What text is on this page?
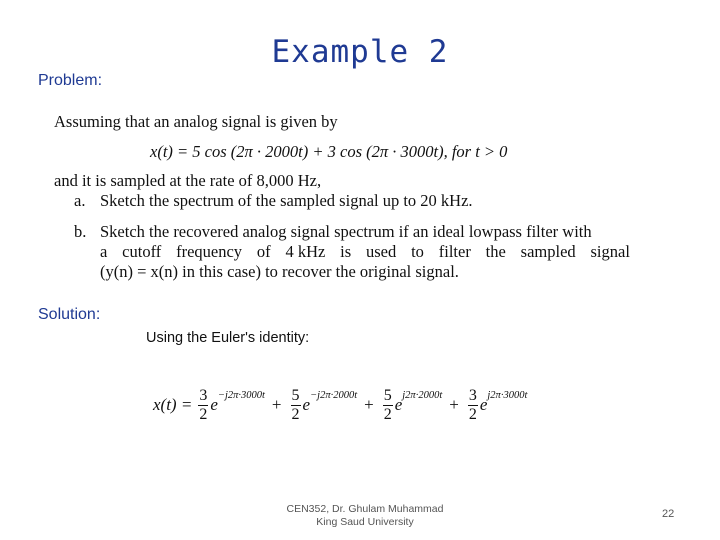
Example 2
Problem:
Assuming that an analog signal is given by
x(t) = 5 cos (2π · 2000t) + 3 cos (2π · 3000t), for t > 0
and it is sampled at the rate of 8,000 Hz,
a. Sketch the spectrum of the sampled signal up to 20 kHz.
b. Sketch the recovered analog signal spectrum if an ideal lowpass filter with
a cutoff frequency of 4 kHz is used to filter the sampled signal
(y(n) = x(n) in this case) to recover the original signal.
Solution:
Using the Euler's identity:
$x(t) = \frac{3}{2}$ $e -j2\pi\cdot 3000t + \frac{5}{2}$ $e -j2\pi\cdot 2000t + \frac{5}{2}$ e $j2\pi\cdot 2000t + \frac{3}{2}$ e j2π·3000t
CEN352, Dr. Ghulam Muhammad
King Saud University
22
